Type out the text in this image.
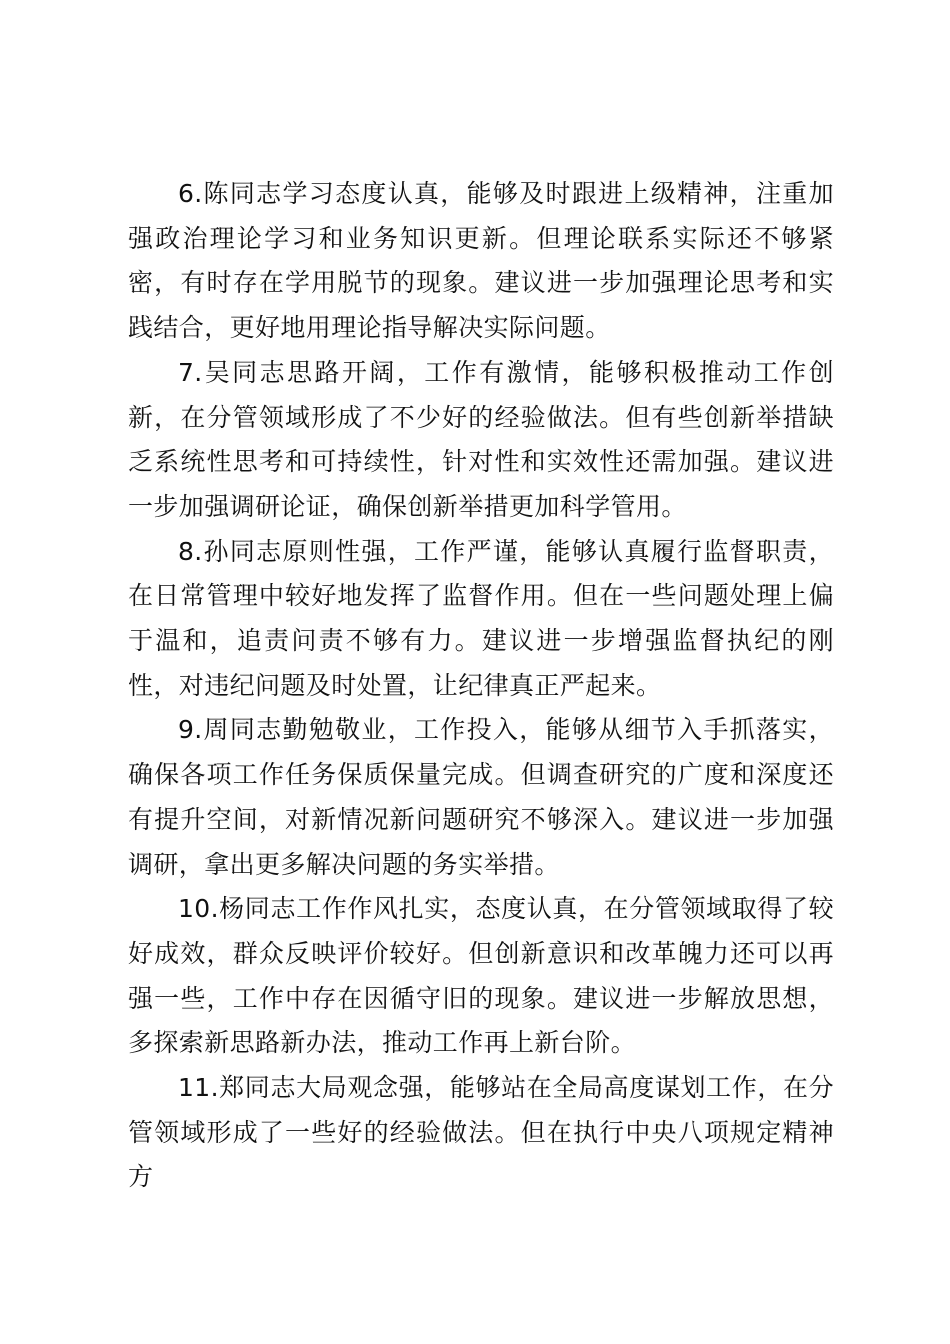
6.陈同志学习态度认真，能够及时跟进上级精神，注重加强政治理论学习和业务知识更新。但理论联系实际还不够紧密，有时存在学用脱节的现象。建议进一步加强理论思考和实践结合，更好地用理论指导解决实际问题。

7.吴同志思路开阔，工作有激情，能够积极推动工作创新，在分管领域形成了不少好的经验做法。但有些创新举措缺乏系统性思考和可持续性，针对性和实效性还需加强。建议进一步加强调研论证，确保创新举措更加科学管用。

8.孙同志原则性强，工作严谨，能够认真履行监督职责，在日常管理中较好地发挥了监督作用。但在一些问题处理上偏于温和，追责问责不够有力。建议进一步增强监督执纪的刚性，对违纪问题及时处置，让纪律真正严起来。

9.周同志勤勉敬业，工作投入，能够从细节入手抓落实，确保各项工作任务保质保量完成。但调查研究的广度和深度还有提升空间，对新情况新问题研究不够深入。建议进一步加强调研，拿出更多解决问题的务实举措。

10.杨同志工作作风扎实，态度认真，在分管领域取得了较好成效，群众反映评价较好。但创新意识和改革魄力还可以再强一些，工作中存在因循守旧的现象。建议进一步解放思想，多探索新思路新办法，推动工作再上新台阶。

11.郑同志大局观念强，能够站在全局高度谋划工作，在分管领域形成了一些好的经验做法。但在执行中央八项规定精神方
